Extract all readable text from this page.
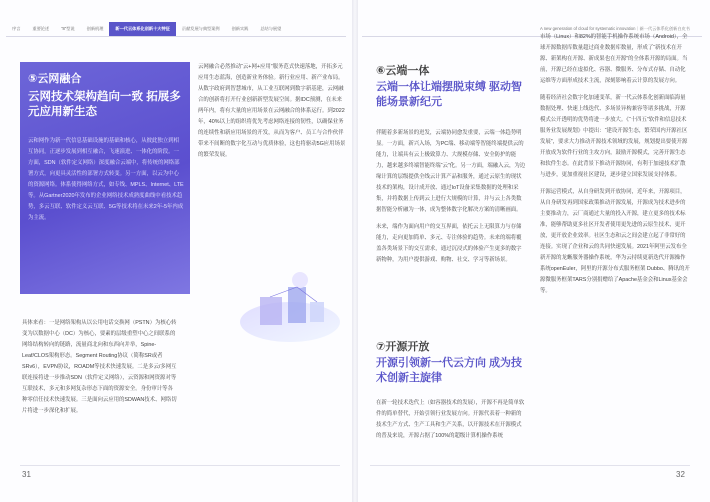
序言	重要论述	“8”型说	创新机理	新一代云体系化创新十大特征	贡献发展与典型案例	创新实践	总结与展望	A new generation of cloud for systematic innovation｜新一代云体系化创新白皮书
⑤云网融合
云网技术架构趋向一致 拓展多元应用新生态

云和网作为新一代信息基础设施的基础和核心，从彼此独立到相互协同，正逐步发展到相互融合，飞速演进、一体化的阶段。一方面，SDN（软件定义网络）深度融合云端中，将传统的网络部署方式，向更具灵活性的部署方式转变。另一方面，以云为中心的资源网络。体系使得网络方式，如专线、MPLS、Internet、LTE等。从Gartner2020年发布的企业网络技术成熟度曲线中看技术趋势，多云互联、软件定义云互联、5G等技术将在未来2年-5年内成为主流。

云网融合必然推动“云+网+应用”服务范式快速落地，开拓多元应用生态蓝海，创造新业务体验。新行业应用、新产业布局。从数字政府到智慧城市，从工业互联网到数字新基建，云网融合的创新将打开行业创新新型发展空间。据IDC预测，在未来两年内，将有大量的应用场景在云网融合的体系运行。到2022年，40%以上的组织将优先考虑网络连接的韧性，以确保业务的连续性和新应用场景的开发，从而为客户、员工与合作伙伴带来不间断的数字化互动与优质体验，这也将驱动5G应用场景的繁荣发展。

具体来看：一是网络架构从以公用电话交换网（PSTN）为核心转变为以数据中心（DC）为核心，要素的层级重塑中心之间联系的网络结构转向的链路，流量商北向和东西向并举，Spine-Leaf/CLOS架构形态。Segment Routing协议（简称SR或者SRv6），EVPN协议，ROADM等技术快速发展。二是多云/多网互联连接将进一步推动SDN（软件定义网络），云资源和网资源对等互联技术，多元和多网复杂形态下面的资源安全。身份审计等各种零信任技术快速发展。三是面向云应用的SDWAN技术、网络切片将进一步深化和扩展。

31
⑥云端一体
云端一体让端摆脱束缚 驱动智能场景新纪元

伴随着多新场景的迸发，云端协同愈发重要，云端一体趋势明显。一方面，新兴入场，为PC端、移动端等智能终端提供云的能力，让端具有云上极致算力、大规模存储、安全防护的能力，越来越多终端智能终端“云”化。另一方面，端融入云，为边缘计算的层级提供全线云计算产品和服务，通过云原生的现状技术的架构，设计成开放、通过IoT设备采集数据的处理和采集，并将数据上传到云上进行大规模的计算，并与云上各类数据智能分析融为一体，成为整体数字化解决方案的清晰画面。

未来，端作为面向用户的交互界面，依托云上无限算力与存储能力，走向更加简单、多元、专注体验的趋势。未来的端将覆盖各类场景下的交互需求，通过沉浸式的体验产生更多的数字新物种，为用户提供游戏、购物、社交、学习等新场景。

⑦开源开放
开源引领新一代云方向 成为技术创新主旋律

在新一轮技术迭代上（如容器技术的发展），开源不再是简单软件的简单替代，开始引领行业发展方向。开源代表着一种新的技术生产方式、生产工具和生产关系，以开源技术在开源模式的普及来说，开源占据了100%的超级计算机操作系统

市场（Linux）和82%的智能手机操作系统市场（Android），全球开源数据库数量超过商业数据库数量，形成了“新技术在开源、新架构在开源、新成果也在开源”的全体系开源的局面。当前，开源已经在虚拟化、容器、微服务、分布式存储、自动化运维等方面形成技术主流，深刻影响着云计算的发展方向。

随着经济社会数字化加速变革，新一代云体系化创新面临海量数据处理、快速上线迭代、多场景异构兼容等诸多挑战，开源模式公开透明的优势将进一步放大。《“十四五”软件和信息技术服务业发展规划》中提出：“建设开源生态，繁荣国内开源社区发展”，要求大力推动开源技术领域的发展，规划提出要使开源开放成为软件行业的主攻方向，鼓励开源模式，完善开源生态和软件生态。在此背景下推动开源协同，有利于加速技术扩散与进步，更加重视社区建设，逐步建立国家发展支持体系。

开源运营模式，从自身研发到开放协同，近年来，开源项目，从自身研发再到国家政策推动开源发展，开源成为技术进步的主要推动力，云厂商通过大量的投入开源，建立更多的技术标准，能够帮助更多社区开发者使用更先进的云原生技术，更开放，更开放企业效率。社区生态和云之间会建立起了非常好的连接。实现了企业和云的共同快速发展。2021年阿里云发布全新开源的龙蜥服务器操作系统，华为云持续更新迭代开源操作系统openEuler，阿里的开源分布式服务框架 Dubbo、腾讯的开源微服务框架TARS分别捐赠给了Apache基金会和Linux基金会等。

32
